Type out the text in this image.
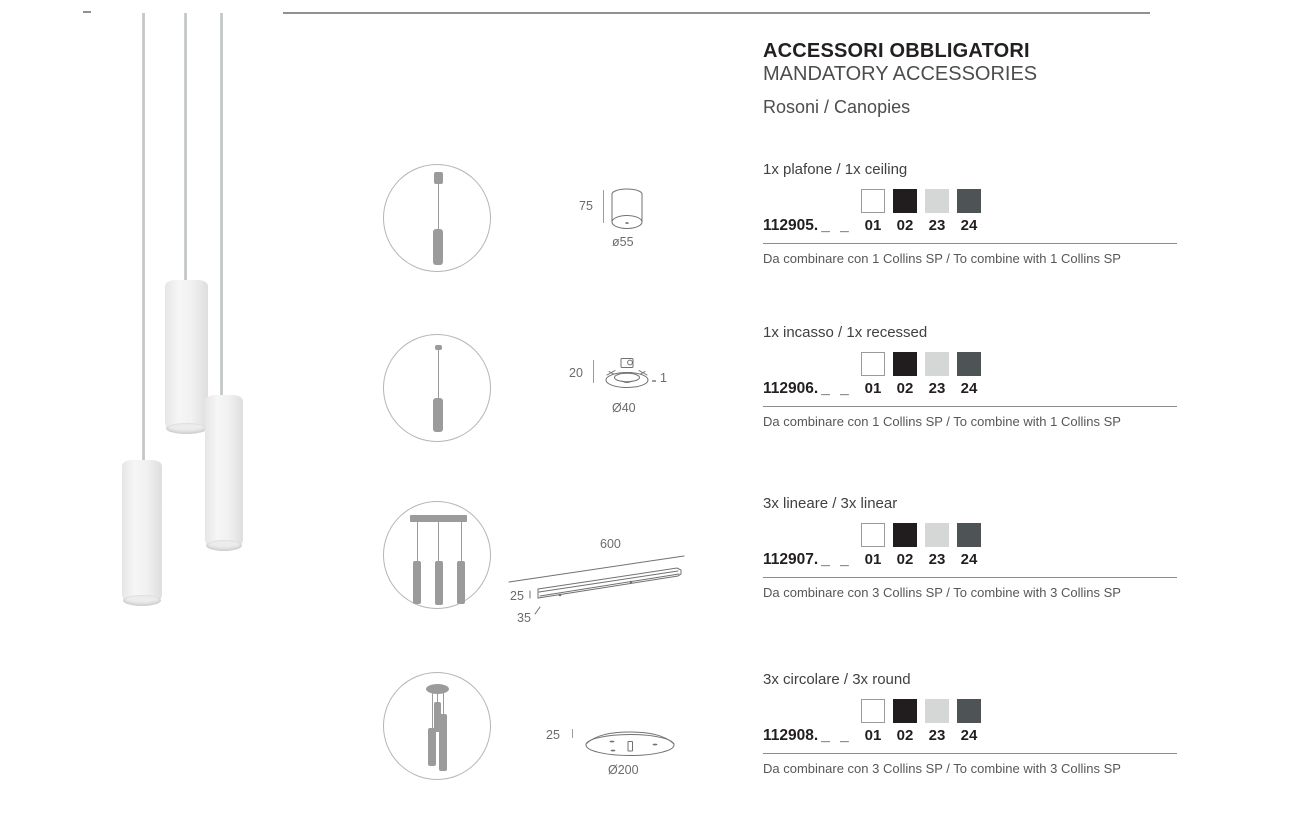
75
ø55
20	1
Ø40
600
25
35
25
Ø200
ACCESSORI OBBLIGATORI
MANDATORY ACCESSORIES
Rosoni / Canopies
1x plafone / 1x ceiling
112905. _ _ 01 02 23 24
Da combinare con 1 Collins SP / To combine with 1 Collins SP
1x incasso / 1x recessed
112906. _ _ 01 02 23 24
Da combinare con 1 Collins SP / To combine with 1 Collins SP
3x lineare / 3x linear
112907. _ _ 01 02 23 24
Da combinare con 3 Collins SP / To combine with 3 Collins SP
3x circolare / 3x round
112908. _ _ 01 02 23 24
Da combinare con 3 Collins SP / To combine with 3 Collins SP
